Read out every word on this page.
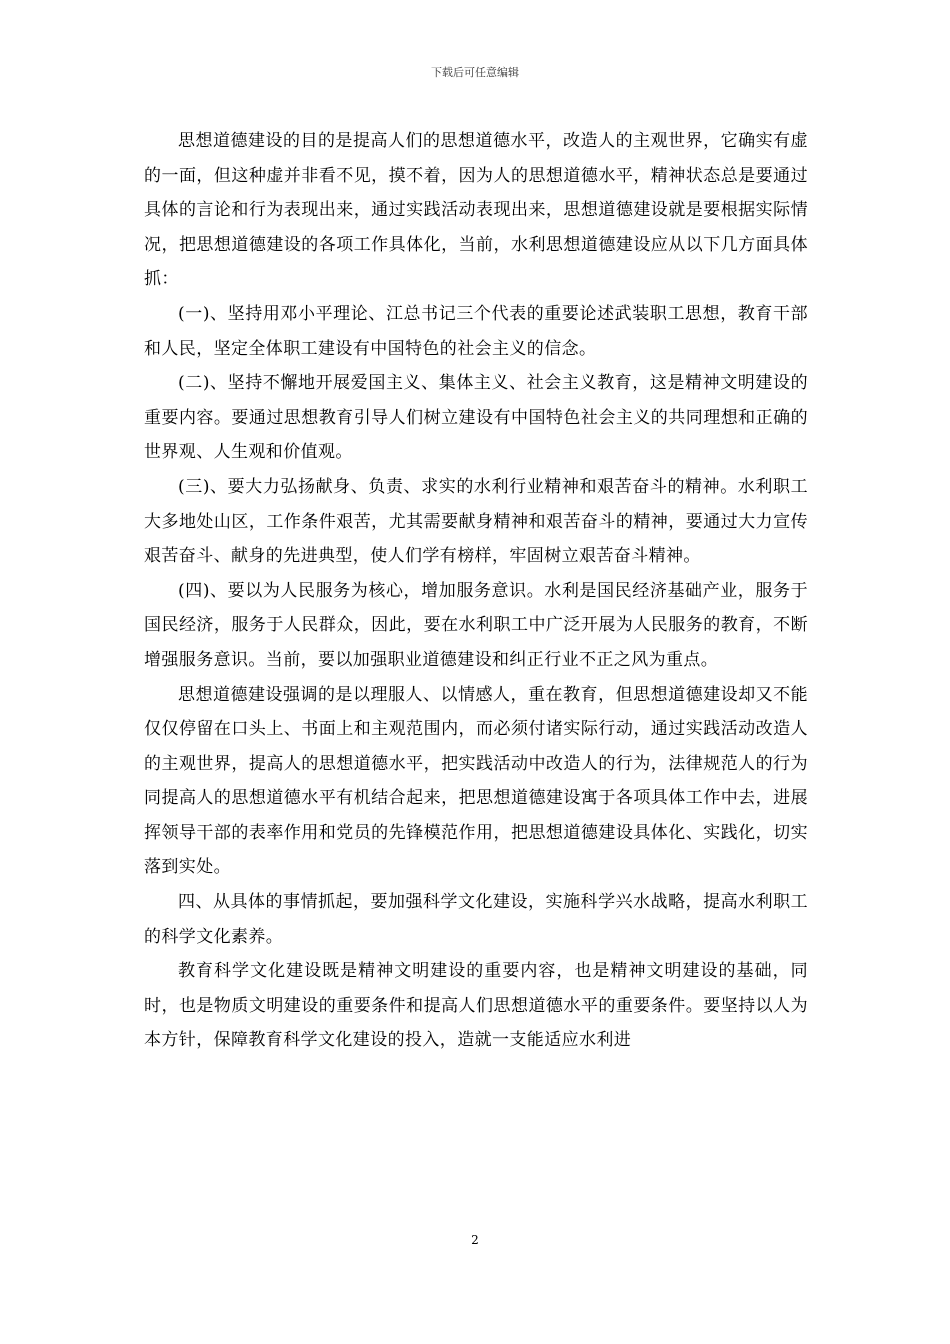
下载后可任意编辑

思想道德建设的目的是提高人们的思想道德水平，改造人的主观世界，它确实有虚的一面，但这种虚并非看不见，摸不着，因为人的思想道德水平，精神状态总是要通过具体的言论和行为表现出来，通过实践活动表现出来，思想道德建设就是要根据实际情况，把思想道德建设的各项工作具体化，当前，水利思想道德建设应从以下几方面具体抓：

(一)、坚持用邓小平理论、江总书记三个代表的重要论述武装职工思想，教育干部和人民，坚定全体职工建设有中国特色的社会主义的信念。

(二)、坚持不懈地开展爱国主义、集体主义、社会主义教育，这是精神文明建设的重要内容。要通过思想教育引导人们树立建设有中国特色社会主义的共同理想和正确的世界观、人生观和价值观。

(三)、要大力弘扬献身、负责、求实的水利行业精神和艰苦奋斗的精神。水利职工大多地处山区，工作条件艰苦，尤其需要献身精神和艰苦奋斗的精神，要通过大力宣传艰苦奋斗、献身的先进典型，使人们学有榜样，牢固树立艰苦奋斗精神。

(四)、要以为人民服务为核心，增加服务意识。水利是国民经济基础产业，服务于国民经济，服务于人民群众，因此，要在水利职工中广泛开展为人民服务的教育，不断增强服务意识。当前，要以加强职业道德建设和纠正行业不正之风为重点。

思想道德建设强调的是以理服人、以情感人，重在教育，但思想道德建设却又不能仅仅停留在口头上、书面上和主观范围内，而必须付诸实际行动，通过实践活动改造人的主观世界，提高人的思想道德水平，把实践活动中改造人的行为，法律规范人的行为同提高人的思想道德水平有机结合起来，把思想道德建设寓于各项具体工作中去，进展挥领导干部的表率作用和党员的先锋模范作用，把思想道德建设具体化、实践化，切实落到实处。

四、从具体的事情抓起，要加强科学文化建设，实施科学兴水战略，提高水利职工的科学文化素养。

教育科学文化建设既是精神文明建设的重要内容，也是精神文明建设的基础，同时，也是物质文明建设的重要条件和提高人们思想道德水平的重要条件。要坚持以人为本方针，保障教育科学文化建设的投入，造就一支能适应水利进

2
